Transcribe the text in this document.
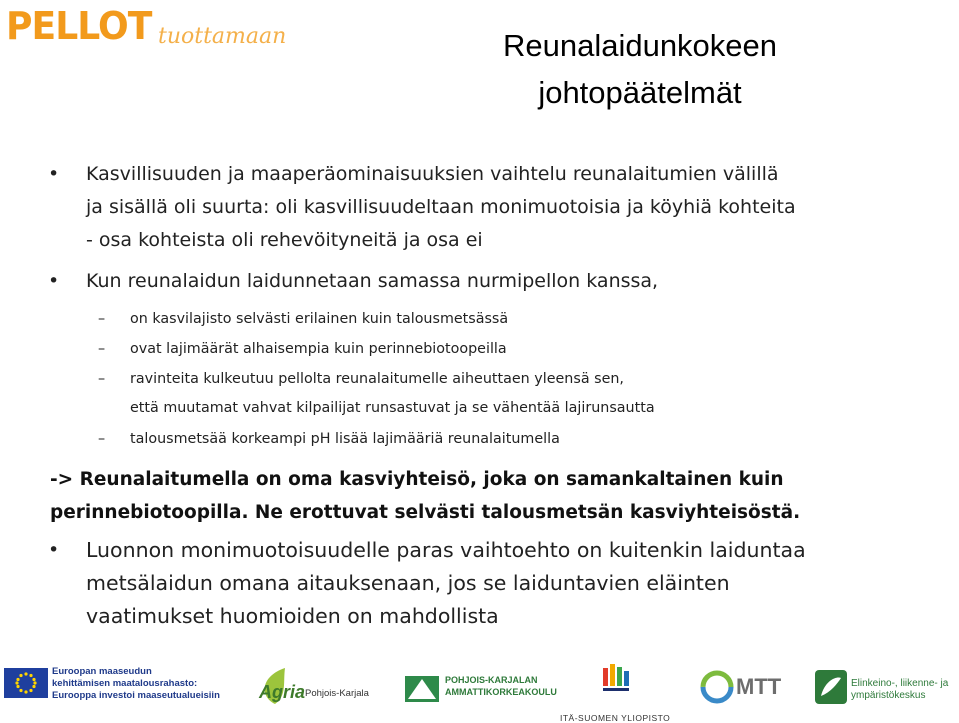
PELLOT tuottamaan	Reunalaidunkokeen
johtopäätelmät
• Kasvillisuuden ja maaperäominaisuuksien vaihtelu reunalaitumien välillä
ja sisällä oli suurta: oli kasvillisuudeltaan monimuotoisia ja köyhiä kohteita
- osa kohteista oli rehevöityneitä ja osa ei
• Kun reunalaidun laidunnetaan samassa nurmipellon kanssa,
– on kasvilajisto selvästi erilainen kuin talousmetsässä
– ovat lajimäärät alhaisempia kuin perinnebiotoopeilla
– ravinteita kulkeutuu pellolta reunalaitumelle aiheuttaen yleensä sen,
että muutamat vahvat kilpailijat runsastuvat ja se vähentää lajirunsautta
– talousmetsää korkeampi pH lisää lajimääriä reunalaitumella
-> Reunalaitumella on oma kasviyhteisö, joka on samankaltainen kuin
perinnebiotoopilla. Ne erottuvat selvästi talousmetsän kasviyhteisöstä.
• Luonnon monimuotoisuudelle paras vaihtoehto on kuitenkin laiduntaa
metsälaidun omana aitauksenaan, jos se laiduntavien eläinten
vaatimukset huomioiden on mahdollista
Euroopan maaseudun
kehittämisen maatalousrahasto:
Eurooppa investoi maaseutualueisiin Agria Pohjois-Karjala
POHJOIS-KARJALAN
AMMATTIKORKEAKOULU
ITÄ-SUOMEN YLIOPISTO
MTT	Elinkeino-, liikenne- ja
ympäristökeskus
